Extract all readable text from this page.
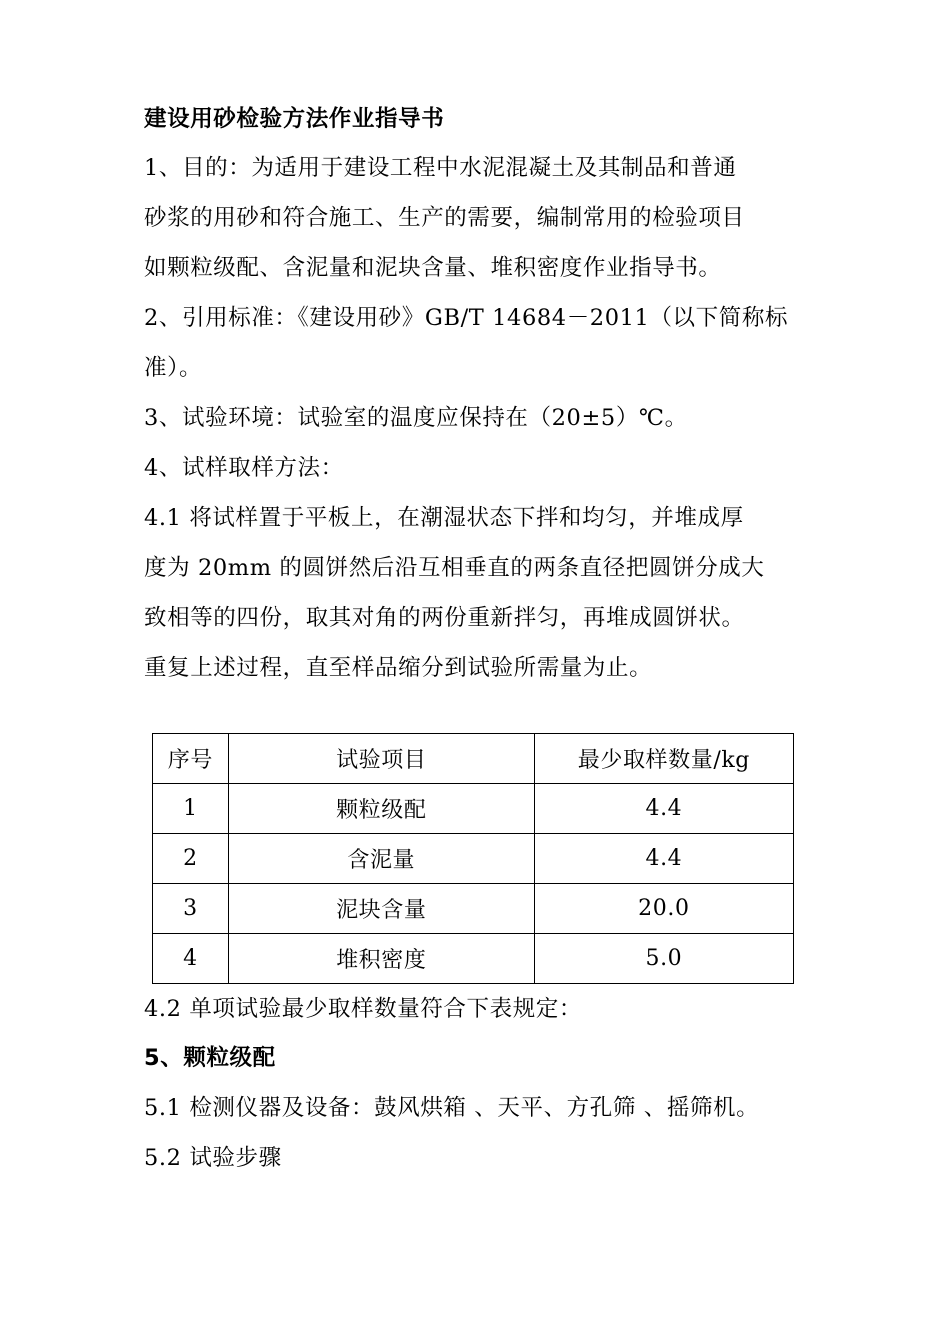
建设用砂检验方法作业指导书
1、目的：为适用于建设工程中水泥混凝土及其制品和普通
砂浆的用砂和符合施工、生产的需要，编制常用的检验项目
如颗粒级配、含泥量和泥块含量、堆积密度作业指导书。
2、引用标准：《建设用砂》GB/T 14684－2011（以下简称标
准）。
3、试验环境：试验室的温度应保持在（20±5）℃。
4、试样取样方法：
4.1 将试样置于平板上，在潮湿状态下拌和均匀，并堆成厚
度为 20mm 的圆饼然后沿互相垂直的两条直径把圆饼分成大
致相等的四份，取其对角的两份重新拌匀，再堆成圆饼状。
重复上述过程，直至样品缩分到试验所需量为止。
序号	试验项目	最少取样数量/kg
1	颗粒级配	4.4
2	含泥量	4.4
3	泥块含量	20.0
4	堆积密度	5.0
4.2 单项试验最少取样数量符合下表规定：
5、颗粒级配
5.1 检测仪器及设备：鼓风烘箱 、天平、方孔筛 、摇筛机。
5.2 试验步骤
